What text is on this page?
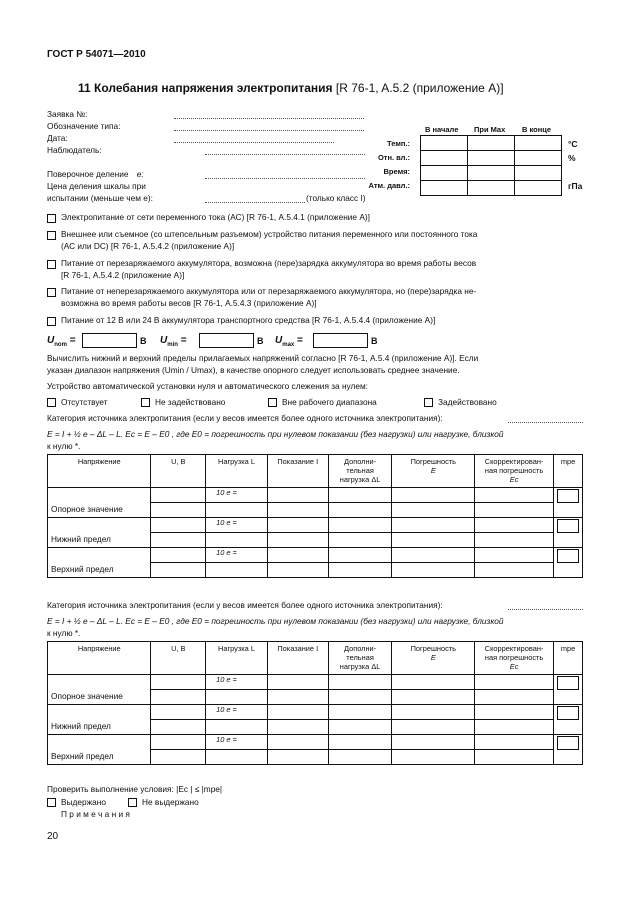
ГОСТ Р 54071—2010
11 Колебания напряжения электропитания [R 76-1, A.5.2 (приложение А)]
Заявка №:
Обозначение типа:
Дата:
Наблюдатель:
Поверочное деление e:
Цена деления шкалы при
испытании (меньше чем e):	(только класс I)
В начале При Max В конце
Темп.:
Отн. вл.:
Время:
Атм. давл.:

°С
%
гПа
Электропитание от сети переменного тока (АС) [R 76-1, А.5.4.1 (приложение А)]
Внешнее или съемное (со штепсельным разъемом) устройство питания переменного или постоянного тока
(АС или DC) [R 76-1, А.5.4.2 (приложение А)]
Питание от перезаряжаемого аккумулятора, возможна (пере)зарядка аккумулятора во время работы весов
[R 76-1, А.5.4.2 (приложение А)]
Питание от неперезаряжаемого аккумулятора или от перезаряжаемого аккумулятора, но (пере)зарядка не-
возможна во время работы весов [R 76-1, А.5.4.3 (приложение А)]
Питание от 12 В или 24 В аккумулятора транспортного средства [R 76-1, А.5.4.4 (приложение А)]
$U_{nom}$ =	В $U_{min}$ =	В $U_{max}$ =	В
Вычислить нижний и верхний пределы прилагаемых напряжений согласно [R 76-1, А.5.4 (приложение А)]. Если
указан диапазон напряжения (Umin / Umax), в качестве опорного следует использовать среднее значение.
Устройство автоматической установки нуля и автоматического слежения за нулем:
Отсутствует	Не задействовано	Вне рабочего диапазона	Задействовано
Категория источника электропитания (если у весов имеется более одного источника электропитания):
E = I + ½ e – ΔL – L. Ec = E – E0 , где E0 = погрешность при нулевом показании (без нагрузки) или нагрузке, близкой
к нулю *.
Напряжение	U, В	Нагрузка L	Показание I	Дополни-
тельная
нагрузка ΔL	Погрешность
E	Скорректирован-
ная погрешность
Ec	mpe
Опорное значение		10 e =					

Нижний предел		10 e =					

Верхний предел		10 e =					

Категория источника электропитания (если у весов имеется более одного источника электропитания):
E = I + ½ e – ΔL – L. Ec = E – E0 , где E0 = погрешность при нулевом показании (без нагрузки) или нагрузке, близкой
к нулю *.
Напряжение	U, В	Нагрузка L	Показание I	Дополни-
тельная
нагрузка ΔL	Погрешность
E	Скорректирован-
ная погрешность
Ec	mpe
Опорное значение		10 e =					

Нижний предел		10 e =					

Верхний предел		10 e =					

Проверить выполнение условия: |Ec | ≤ |mpe|
Выдержано	Не выдержано
П р и м е ч а н и я
20
